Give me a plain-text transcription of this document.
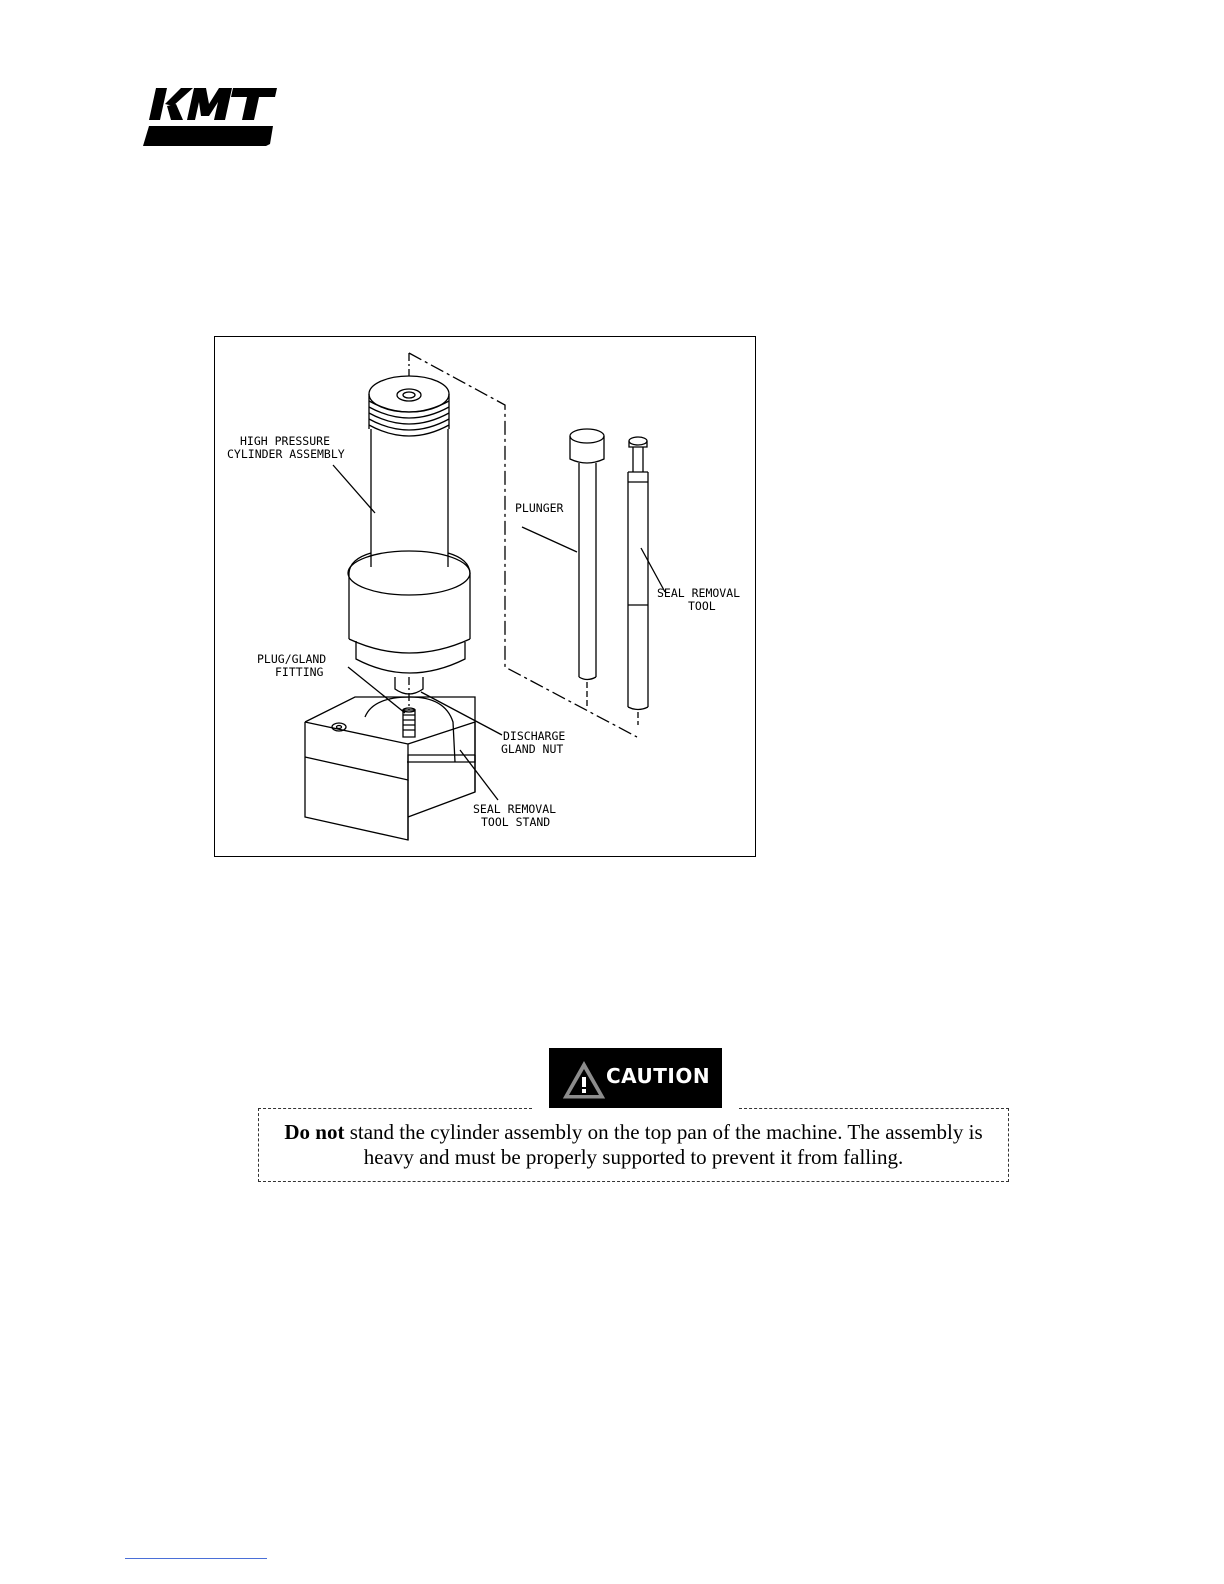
HIGH PRESSURE
CYLINDER ASSEMBLY
PLUNGER
SEAL REMOVAL
TOOL
PLUG/GLAND
FITTING
DISCHARGE
GLAND NUT
SEAL REMOVAL
TOOL STAND
CAUTION
Do not stand the cylinder assembly on the top pan of the machine. The assembly is heavy and must be properly supported to prevent it from falling.
